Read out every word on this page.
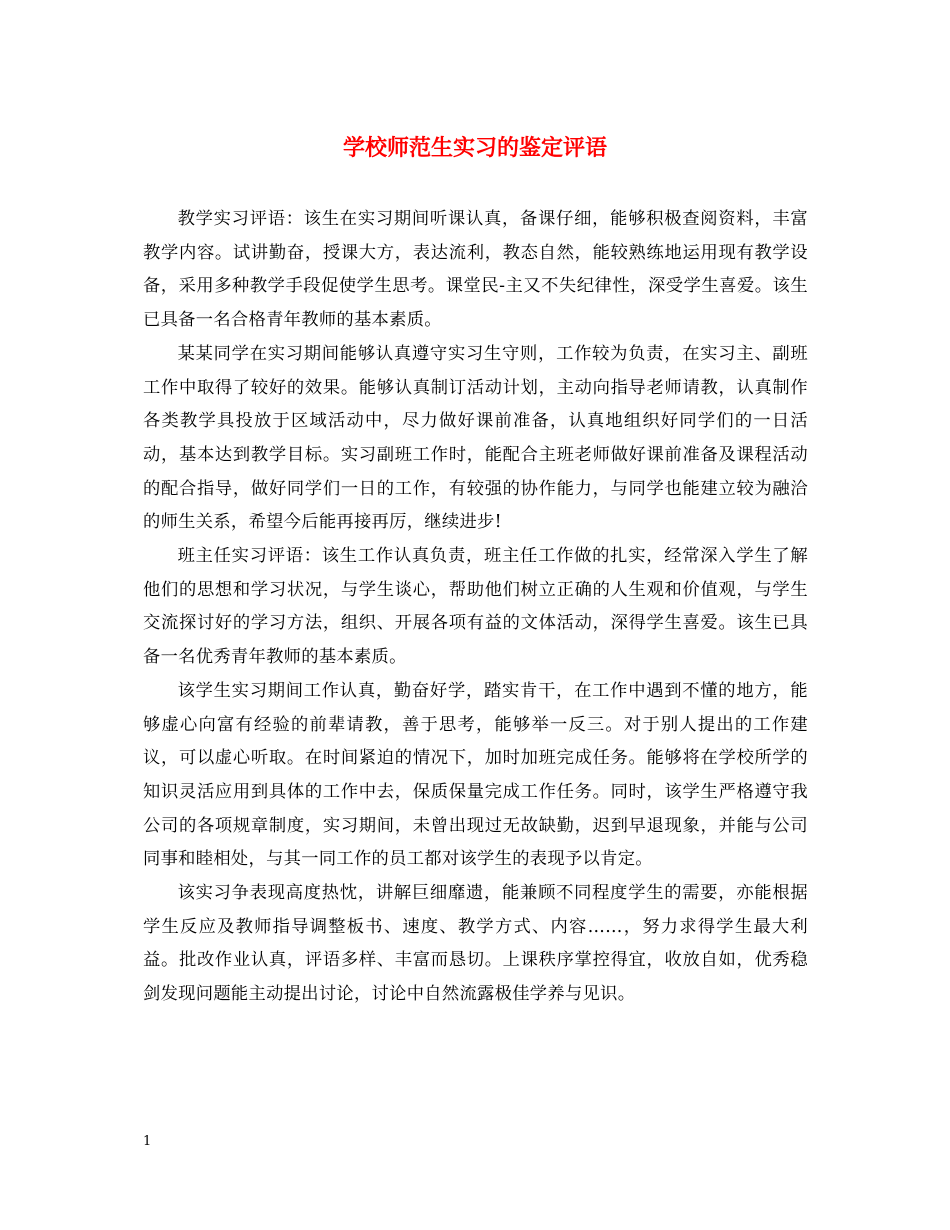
学校师范生实习的鉴定评语

教学实习评语：该生在实习期间听课认真，备课仔细，能够积极查阅资料，丰富教学内容。试讲勤奋，授课大方，表达流利，教态自然，能较熟练地运用现有教学设备，采用多种教学手段促使学生思考。课堂民-主又不失纪律性，深受学生喜爱。该生已具备一名合格青年教师的基本素质。

某某同学在实习期间能够认真遵守实习生守则，工作较为负责，在实习主、副班工作中取得了较好的效果。能够认真制订活动计划，主动向指导老师请教，认真制作各类教学具投放于区域活动中，尽力做好课前准备，认真地组织好同学们的一日活动，基本达到教学目标。实习副班工作时，能配合主班老师做好课前准备及课程活动的配合指导，做好同学们一日的工作，有较强的协作能力，与同学也能建立较为融洽的师生关系，希望今后能再接再厉，继续进步!

班主任实习评语：该生工作认真负责，班主任工作做的扎实，经常深入学生了解他们的思想和学习状况，与学生谈心，帮助他们树立正确的人生观和价值观，与学生交流探讨好的学习方法，组织、开展各项有益的文体活动，深得学生喜爱。该生已具备一名优秀青年教师的基本素质。

该学生实习期间工作认真，勤奋好学，踏实肯干，在工作中遇到不懂的地方，能够虚心向富有经验的前辈请教，善于思考，能够举一反三。对于别人提出的工作建议，可以虚心听取。在时间紧迫的情况下，加时加班完成任务。能够将在学校所学的知识灵活应用到具体的工作中去，保质保量完成工作任务。同时，该学生严格遵守我公司的各项规章制度，实习期间，未曾出现过无故缺勤，迟到早退现象，并能与公司同事和睦相处，与其一同工作的员工都对该学生的表现予以肯定。

该实习争表现高度热忱，讲解巨细靡遗，能兼顾不同程度学生的需要，亦能根据学生反应及教师指导调整板书、速度、教学方式、内容……，努力求得学生最大利益。批改作业认真，评语多样、丰富而恳切。上课秩序掌控得宜，收放自如，优秀稳剑发现问题能主动提出讨论，讨论中自然流露极佳学养与见识。

1
